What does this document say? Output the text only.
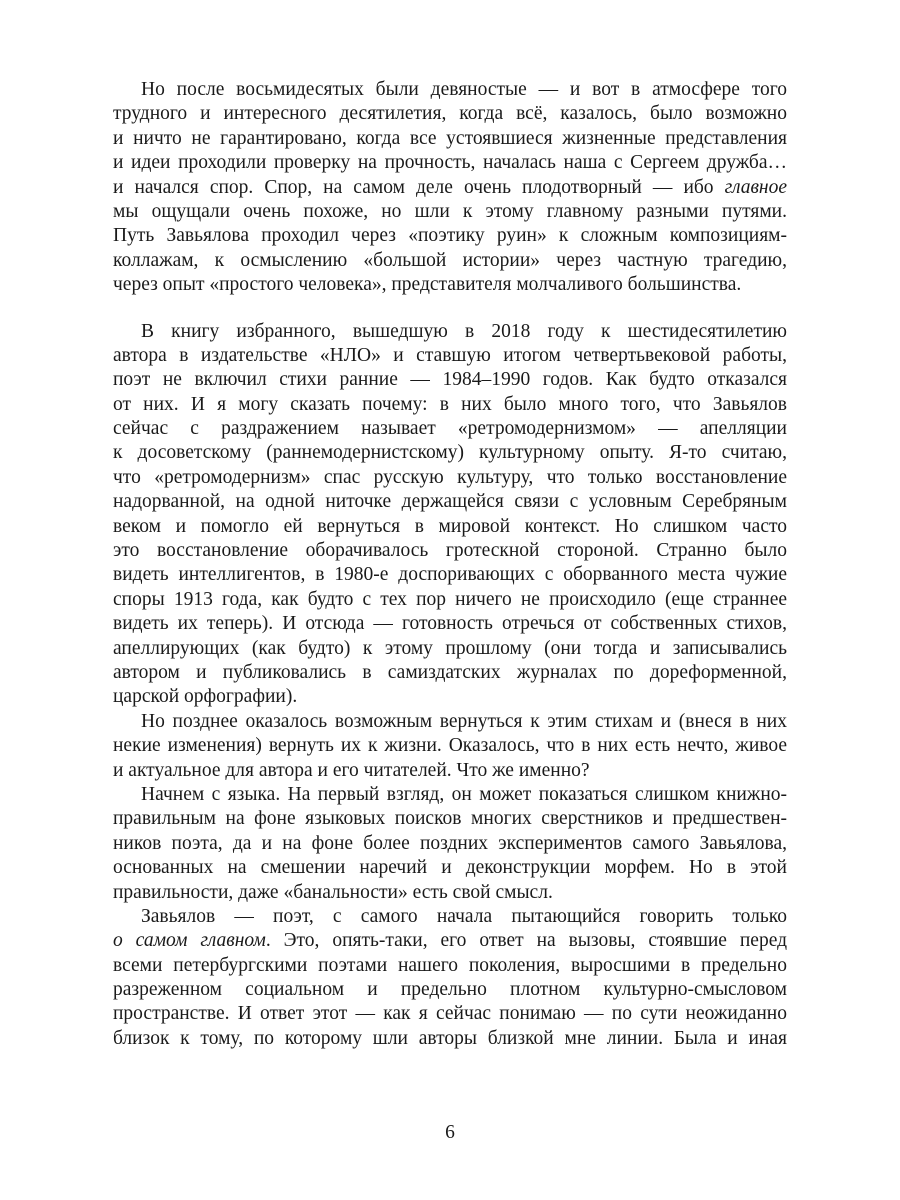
Но после восьмидесятых были девяностые — и вот в атмосфере того
трудного и интересного десятилетия, когда всё, казалось, было возможно
и ничто не гарантировано, когда все устоявшиеся жизненные представления
и идеи проходили проверку на прочность, началась наша с Сергеем дружба…
и начался спор. Спор, на самом деле очень плодотворный — ибо главное
мы ощущали очень похоже, но шли к этому главному разными путями.
Путь Завьялова проходил через «поэтику руин» к сложным композициям-
коллажам, к осмыслению «большой истории» через частную трагедию,
через опыт «простого человека», представителя молчаливого большинства.
В книгу избранного, вышедшую в 2018 году к шестидесятилетию
автора в издательстве «НЛО» и ставшую итогом четвертьвековой работы,
поэт не включил стихи ранние — 1984–1990 годов. Как будто отказался
от них. И я могу сказать почему: в них было много того, что Завьялов
сейчас с раздражением называет «ретромодернизмом» — апелляции
к досоветскому (раннемодернистскому) культурному опыту. Я-то считаю,
что «ретромодернизм» спас русскую культуру, что только восстановление
надорванной, на одной ниточке держащейся связи с условным Серебряным
веком и помогло ей вернуться в мировой контекст. Но слишком часто
это восстановление оборачивалось гротескной стороной. Странно было
видеть интеллигентов, в 1980-е доспоривающих с оборванного места чужие
споры 1913 года, как будто с тех пор ничего не происходило (еще страннее
видеть их теперь). И отсюда — готовность отречься от собственных стихов,
апеллирующих (как будто) к этому прошлому (они тогда и записывались
автором и публиковались в самиздатских журналах по дореформенной,
царской орфографии).
Но позднее оказалось возможным вернуться к этим стихам и (внеся в них
некие изменения) вернуть их к жизни. Оказалось, что в них есть нечто, живое
и актуальное для автора и его читателей. Что же именно?
Начнем с языка. На первый взгляд, он может показаться слишком книжно-
правильным на фоне языковых поисков многих сверстников и предшествен-
ников поэта, да и на фоне более поздних экспериментов самого Завьялова,
основанных на смешении наречий и деконструкции морфем. Но в этой
правильности, даже «банальности» есть свой смысл.
Завьялов — поэт, с самого начала пытающийся говорить только
о самом главном. Это, опять-таки, его ответ на вызовы, стоявшие перед
всеми петербургскими поэтами нашего поколения, выросшими в предельно
разреженном социальном и предельно плотном культурно-смысловом
пространстве. И ответ этот — как я сейчас понимаю — по сути неожиданно
близок к тому, по которому шли авторы близкой мне линии. Была и иная
6
